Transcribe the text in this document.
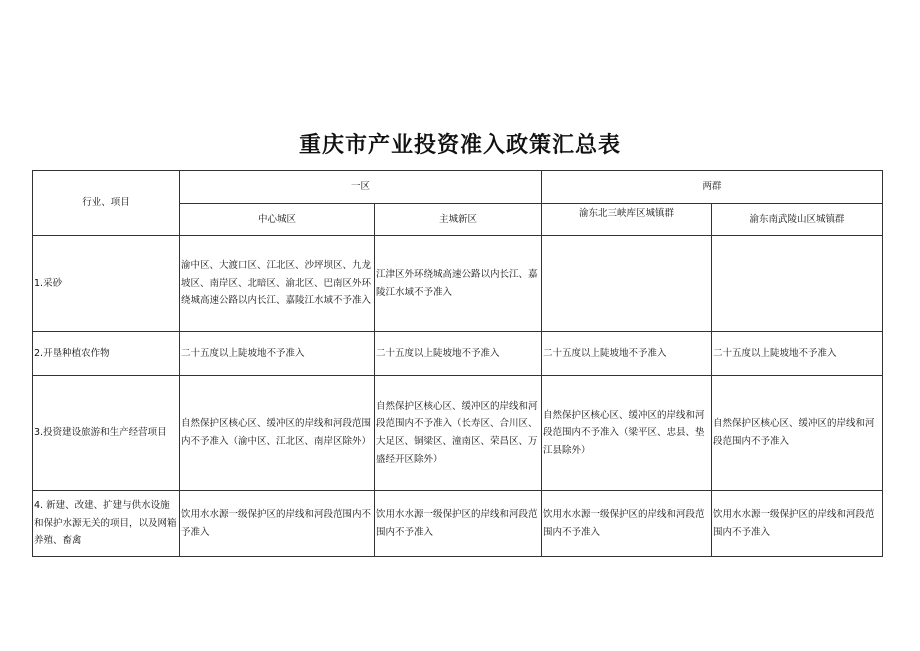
重庆市产业投资准入政策汇总表
行业、项目	一区		两群	
	中心城区	主城新区	渝东北三峡库区城镇群	渝东南武陵山区城镇群
1.采砂	渝中区、大渡口区、江北区、沙坪坝区、九龙坡区、南岸区、北暗区、渝北区、巴南区外环绕城高速公路以内长江、嘉陵江水域不予准入	江津区外环绕城高速公路以内长江、嘉陵江水域不予准入		
2.开垦种植农作物	二十五度以上陡坡地不予准入	二十五度以上陡坡地不予准入	二十五度以上陡坡地不予准入	二十五度以上陡坡地不予准入
3.投资建设旅游和生产经营项目	自然保护区核心区、缓冲区的岸线和河段范围内不予准入（渝中区、江北区、南岸区除外）	自然保护区核心区、缓冲区的岸线和河段范围内不予准入（长寿区、合川区、大足区、铜梁区、潼南区、荣昌区、万盛经开区除外）	自然保护区核心区、缓冲区的岸线和河段范围内不予准入（梁平区、忠县、垫江县除外）	自然保护区核心区、缓冲区的岸线和河段范围内不予准入
4. 新建、改建、扩建与供水设施和保护水源无关的项目，以及网箱养殖、畜禽	饮用水水源一级保护区的岸线和河段范围内不予准入	饮用水水源一级保护区的岸线和河段范围内不予准入	饮用水水源一级保护区的岸线和河段范围内不予准入	饮用水水源一级保护区的岸线和河段范围内不予准入
